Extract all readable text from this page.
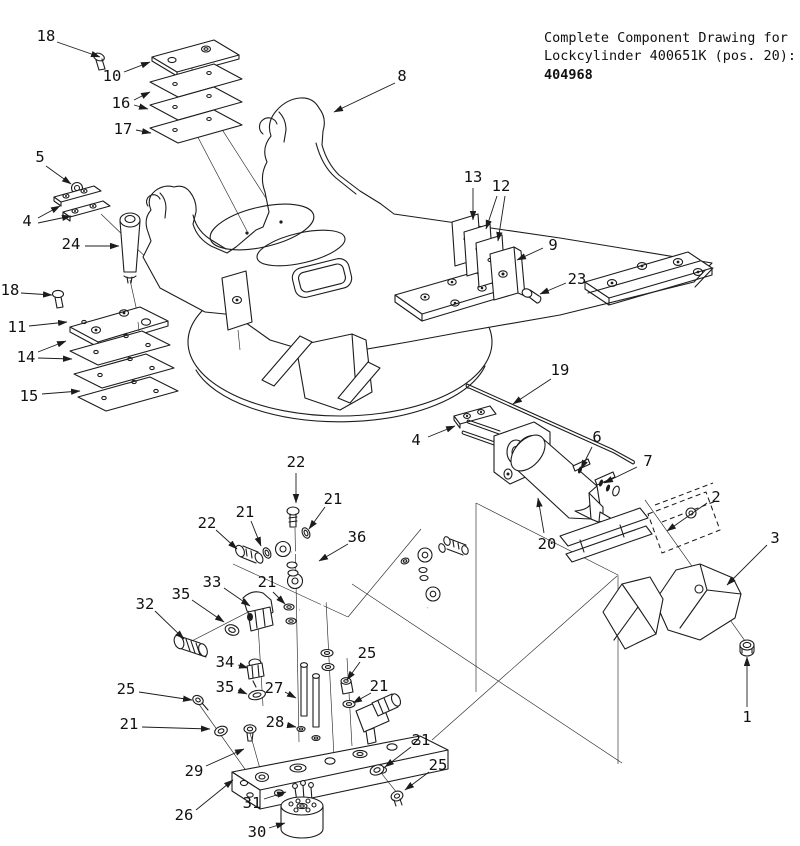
Complete Component Drawing for
Lockcylinder 400651K (pos. 20):
404968
18
10
16
17
5
4
24
18
11
14
15
8
13 12
9
23
19
4	6
7
20
2
3
1
22
21
22
21
36
33
35
32
21
34
35 27
25
21	28
29
26
31
30
25
21
21
25
